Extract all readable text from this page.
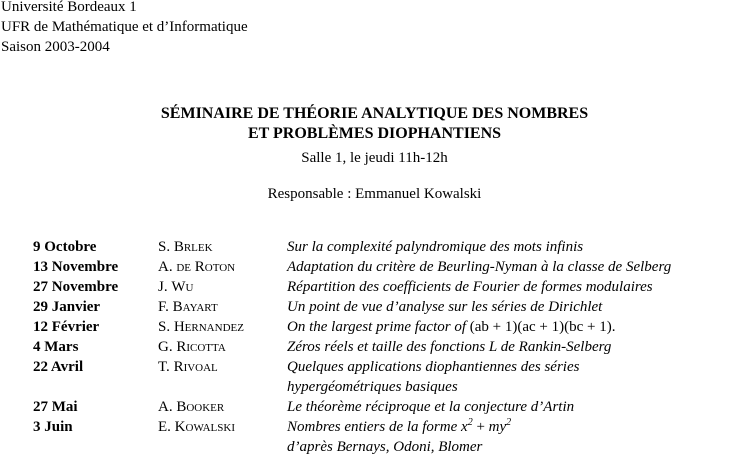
Université Bordeaux 1
UFR de Mathématique et d’Informatique
Saison 2003-2004
SÉMINAIRE DE THÉORIE ANALYTIQUE DES NOMBRES
ET PROBLÈMES DIOPHANTIENS
Salle 1, le jeudi 11h-12h
Responsable : Emmanuel Kowalski
9 Octobre	S. Brlek	Sur la complexité palyndromique des mots infinis
13 Novembre	A. de Roton	Adaptation du critère de Beurling-Nyman à la classe de Selberg
27 Novembre	J. Wu	Répartition des coefficients de Fourier de formes modulaires
29 Janvier	F. Bayart	Un point de vue d’analyse sur les séries de Dirichlet
12 Février	S. Hernandez	On the largest prime factor of (ab + 1)(ac + 1)(bc + 1).
4 Mars	G. Ricotta	Zéros réels et taille des fonctions L de Rankin-Selberg
22 Avril	T. Rivoal	Quelques applications diophantiennes des séries
hypergéométriques basiques
27 Mai	A. Booker	Le théorème réciproque et la conjecture d’Artin
3 Juin	E. Kowalski	Nombres entiers de la forme $x^2 + my^2$
d’après Bernays, Odoni, Blomer
